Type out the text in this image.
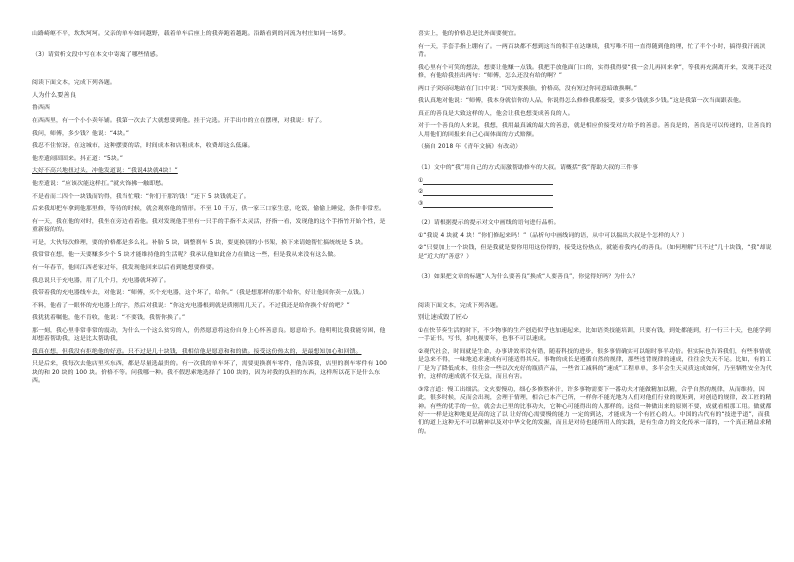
山路崎岖不平，坎坎坷坷。父亲的单车如同越野，载着单车后座上的我奔跑着越跑。沿路看到的河流为村庄如同一场梦。

（3）请赏析文段中写在本文中寄寓了哪些情感。

阅读下面文本，完成下列各题。

人为什么要善良

鲁西西

在西西里，有一个小小卖年铺。我第一次去了大就想要到他。挂于完选。开手出巾的立在摆理，对我说：好了。

我问，师傅，多少钱？他说：“4块。”

我忍不住惊讶，在这城市，这种摆要的话，时间成本和店租成本，收费却这么低廉。

他差遗闹固固来。抖正道：“5块。”

大好不高兴地扭过头，冲他发道说：“我说4块就4块！”

他差遗说：“应该次能这样扛。”就火饰拂一触即愁。

不是看而二四个一块钱而钓得，我当忙哦：“你们干那钓钱！”还下 5 块钱就走了。

后来我却把车拿到他那里修，等待的时候，就会观察他的情形。不至 10 千万，供一家三口家生意，吃饭，偷偷上睡觉，条件非常差。

有一天，我在他的对时，我坐在旁边看着他。我对发现他手里有一只手的手指不太灵活，抒指一看，发现他的这个手指竹开始个性，是重新接的的。

可是，大伙每次修理，要的价格都是多么礼。补胎 5 块，调整刹车 5 块，要更换别的小书架，换下来请她帮忙搞统统是 5 块。

我常常在想，他一天要赚多少个 5 块才能维持他的生活呢？我承认他如此奋力在做这一些，但是我从来没有这么做。

有一年春节，他回江西老家过年，我发现他回来以后看到她想要修要。

我总说只于充电器，用了几个月，充电器就坏掉了。

我带着我的充电器线车去，对他说：“师傅，买个充电器，这个坏了，给你。”（我是想那样的那个给你，好让他回你卖一点钱。）

不料，他看了一眼怀的充电器上的字，然后对我说：“你这充电器根到就是质刚用几天了。不过我还是给你换个好的吧？”

我犹犹着嘱他，他不肯收，他说：“不要钱，我帮你换了。”

那一刻，我心里非常非常的震动，为什么一个这么贫穷的人，仍然愿意将这份自身上心怀善意良。愿意给予。他明明比我我能穷困，他却想着帮助我，这是比太帮助我，

我真在想，但我没有拒绝他的好意。只不过是几十块钱，我相信他是愿意和和的做。接受这份热太的，是最想知加心和回馈。

只是后来，我每次去他店里买东西，都是尽量选最贵的。有一次我的单车坏了，需要更换刹车零件，他告诉我，店里的刹车零件有 100 块的和 20 块的 100 块。价格不等。问我哪一种。我不假思索地选择了 100 块的，因为对我的负担的东西，这样所以花下是什么东西。

喜实上，他的价格总是比外面要便宜。

有一天，手套手指上绷有了。一两百块都不想到这当的积手在达继续，我写唯不用一直得随到他的理，忙了半个小时，搞得我汗流浃背。

我心里有个可笑的想法，想要让他赚一点钱。我把手放他面门口的，实得我得要“我一会儿再回来拿”，等我再充满离开来，发现手还没修，有他给我挂出两句：“师傅，怎么还没有给的啊？”

两口子突闷闷地站在门口中说：“因为要换胎，价格高，没有短过你同意暗敢换啊。”

我认真地对他说：“师傅，我本身就信你的人品，你说得怎么修修我都接受，要多少钱就多少钱。”这是我第一次当面跟表他。

真正的善良是大致这样的人，他会让我也想变成善良的人。

对于一个善良的人来说，我想，我用最真诚的最大的善意，就是相应价接受对方给予的善意。善良是的，善良是可以传递的，让善良的人用他们的回报来自己心面体面的方式赔额。

（摘自 2018 年《青年文摘》有改动）

（1）文中的“我”用自己的方式而激帮助修车的大叔。请概括“我”帮助大叔的三件事

①
②
③

（2）请根据提示的提示对文中画线的语句进行品析。

①“我说 4 块就 4 块！”你们修起来吗！”（品析句中画线词的语，从中可以揣出大叔是个怎样的人？）

②“只要加上一个块钱，但是我就是要你用用这份得的，接受这份热点，就能看我内心的善良。（如何理解“只不过”几十块钱，“我”却说是“近大的”善意？）

（3）如果把文章的标题“人为什么要善良”换成“人要善良”，你觉得好吗？为什么？

阅读下面文本，完成下列各题。

别让速成毁了匠心

①在快节奏生活的时下，不少物事的生产创造似乎也加速起来，比如语类技能培训，只要有钱，到处都能到，打一行三十天，也能学到一手证书。写书，拍电视要年，也事不可以速成。

②观代社会，时间就是生命，办事讲效率没有错，随着科技的进步，很多事情确实可以缩时事半功倍。但实际也告诉我们，有些事情就是急来不得，一味地追求速成有可能适得其反。事物的成长是遵循自然的规律，那些违背规律的速成，往往会失天不足。比如，有的工厂是为了降低成本，往往会一些以次充好的瓶质产品，一些省工减料的“速成”工程单单，多半会生天灵质这成如何，乃至牺牲安全为代价，这样的速成就不仅无益，而且有害。

③常言道：慢工出细活。文火要慢功，细心多修熬补汁，许多事物需要下一番功夫才能做精加以精，合乎自然的规律，从而维持，因此，很多时候，反而会出现，会理于情理，相合已本产已所，一样你不能光地为人们对他们行业的规矩到，对创造的规律，改工匠的精神。有些的优手的一位，就会去已里的比事功夫，它种心可能得出的人那样的。这似一种做出来的原则不要，成就看相那工用。做就都好一一样是这种地更是高的这了以 让好的心需要慢的能力 一定的到达，才能成为一个有匠心的人。中国的古代有的“技进乎道”，而我们的道上这种无不可以精神以及对中华文化的发掘，而且是对待也能所用人的实践，是有生命力的文化传承一部的，一个真正精益求精的。
